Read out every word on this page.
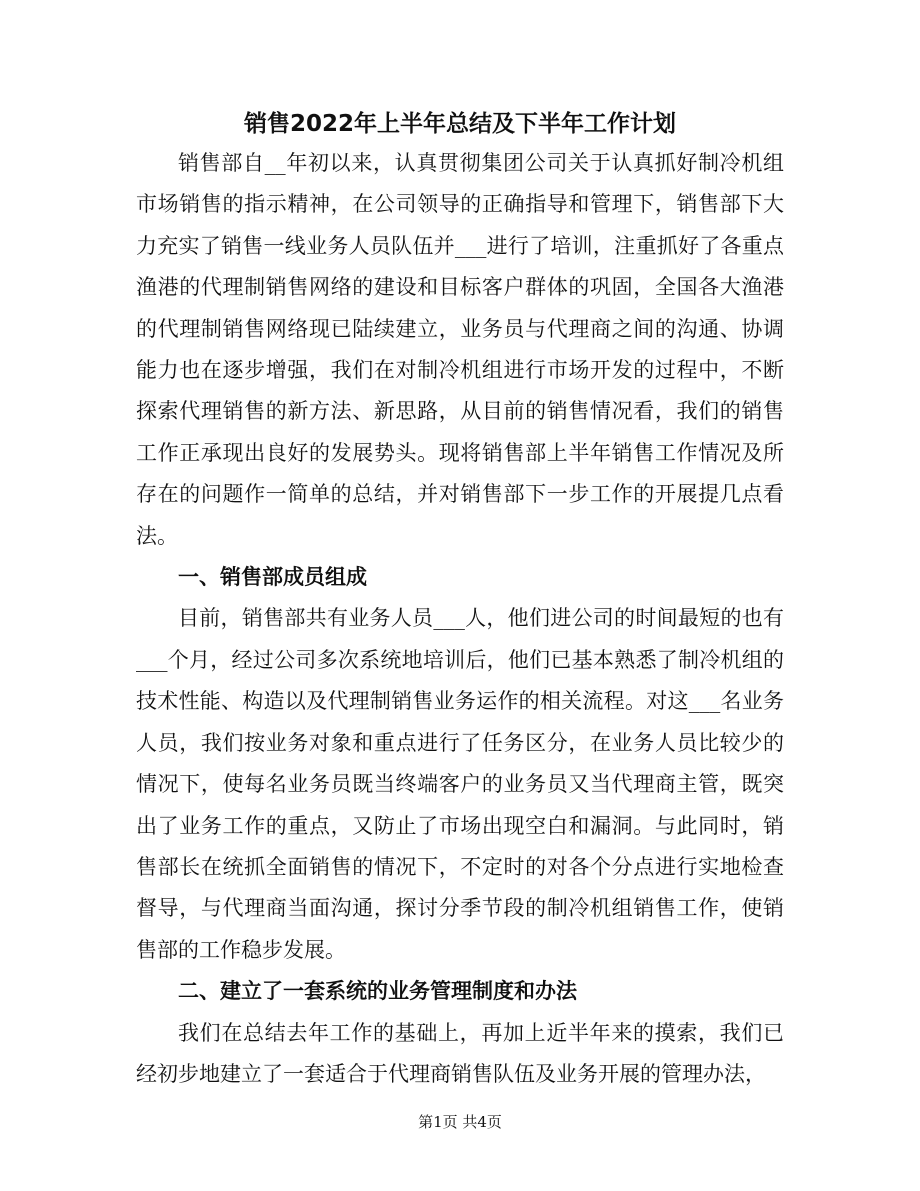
销售2022年上半年总结及下半年工作计划

销售部自__年初以来，认真贯彻集团公司关于认真抓好制冷机组市场销售的指示精神，在公司领导的正确指导和管理下，销售部下大力充实了销售一线业务人员队伍并___进行了培训，注重抓好了各重点渔港的代理制销售网络的建设和目标客户群体的巩固，全国各大渔港的代理制销售网络现已陆续建立，业务员与代理商之间的沟通、协调能力也在逐步增强，我们在对制冷机组进行市场开发的过程中，不断探索代理销售的新方法、新思路，从目前的销售情况看，我们的销售工作正承现出良好的发展势头。现将销售部上半年销售工作情况及所存在的问题作一简单的总结，并对销售部下一步工作的开展提几点看法。

一、销售部成员组成

目前，销售部共有业务人员___人，他们进公司的时间最短的也有___个月，经过公司多次系统地培训后，他们已基本熟悉了制冷机组的技术性能、构造以及代理制销售业务运作的相关流程。对这___名业务人员，我们按业务对象和重点进行了任务区分，在业务人员比较少的情况下，使每名业务员既当终端客户的业务员又当代理商主管，既突出了业务工作的重点，又防止了市场出现空白和漏洞。与此同时，销售部长在统抓全面销售的情况下，不定时的对各个分点进行实地检查督导，与代理商当面沟通，探讨分季节段的制冷机组销售工作，使销售部的工作稳步发展。

二、建立了一套系统的业务管理制度和办法

我们在总结去年工作的基础上，再加上近半年来的摸索，我们已经初步地建立了一套适合于代理商销售队伍及业务开展的管理办法，

第1页 共4页
